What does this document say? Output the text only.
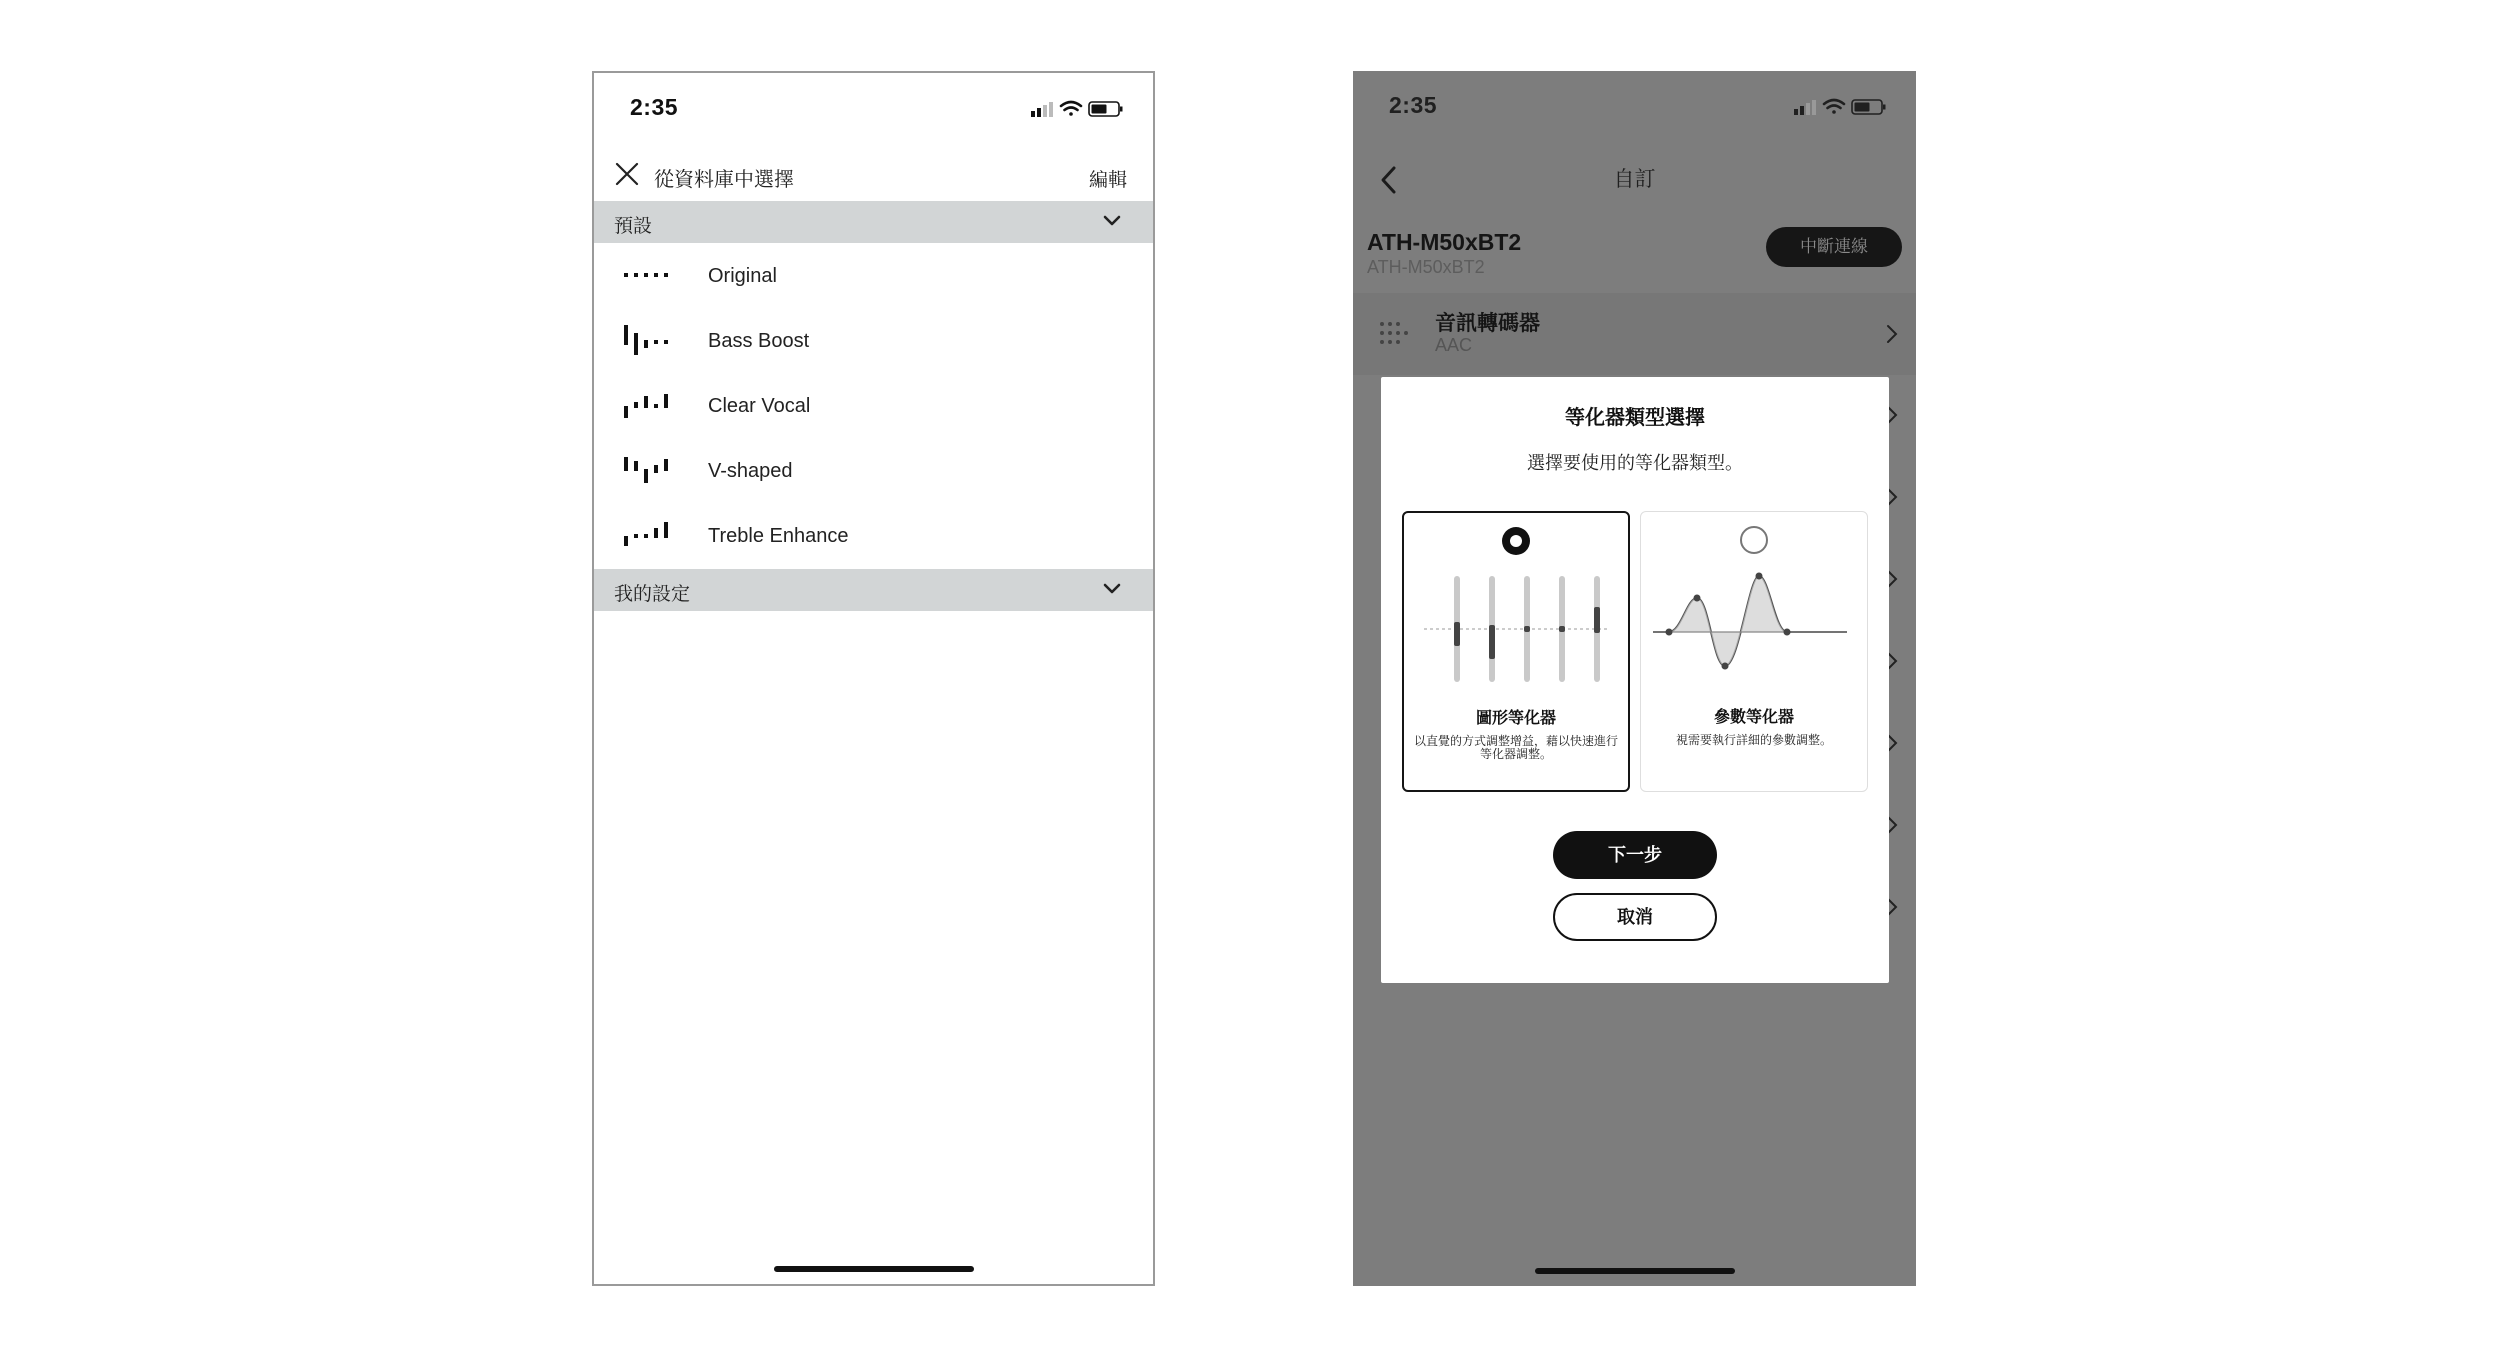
2:35
從資料庫中選擇	編輯
預設
Original
Bass Boost
Clear Vocal
V-shaped
Treble Enhance
我的設定
2:35
自訂
ATH-M50xBT2
ATH-M50xBT2
中斷連線
音訊轉碼器
AAC
等化器類型選擇
選擇要使用的等化器類型。
圖形等化器
以直覺的方式調整增益，藉以快速進行等化器調整。
參數等化器
視需要執行詳細的參數調整。
下一步
取消
